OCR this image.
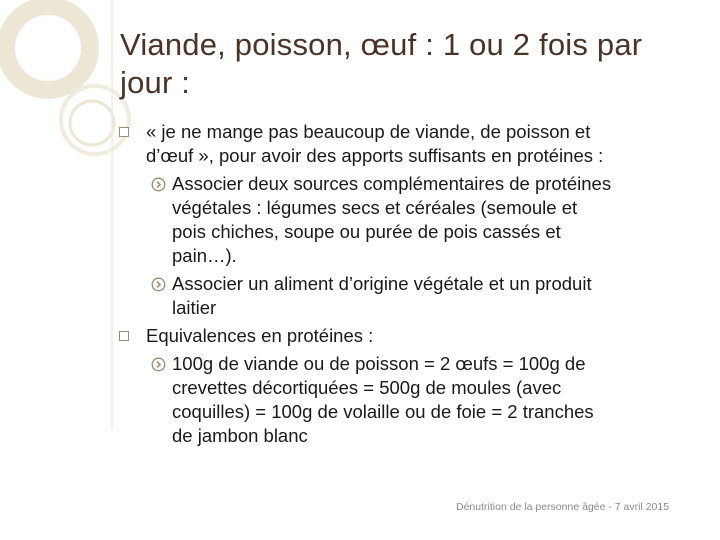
Viande, poisson, œuf : 1 ou 2 fois par jour :
« je ne mange pas beaucoup de viande, de poisson et
d’œuf », pour avoir des apports suffisants en protéines :
Associer deux sources complémentaires de protéines
végétales : légumes secs et céréales (semoule et
pois chiches, soupe ou purée de pois cassés et
pain…).
Associer un aliment d’origine végétale et un produit
laitier
Equivalences en protéines :
100g de viande ou de poisson = 2 œufs = 100g de
crevettes décortiquées = 500g de moules (avec
coquilles) = 100g de volaille ou de foie = 2 tranches
de jambon blanc
Dénutrition de la personne âgée - 7 avril 2015
